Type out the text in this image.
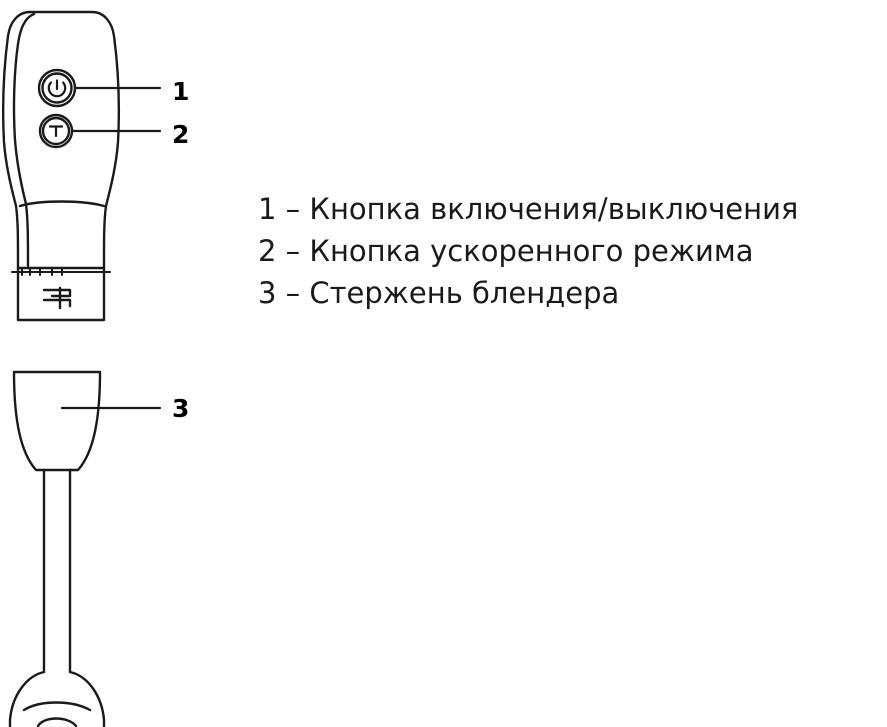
1
2
3
1 – Кнопка включения/выключения
2 – Кнопка ускоренного режима
3 – Стержень блендера
